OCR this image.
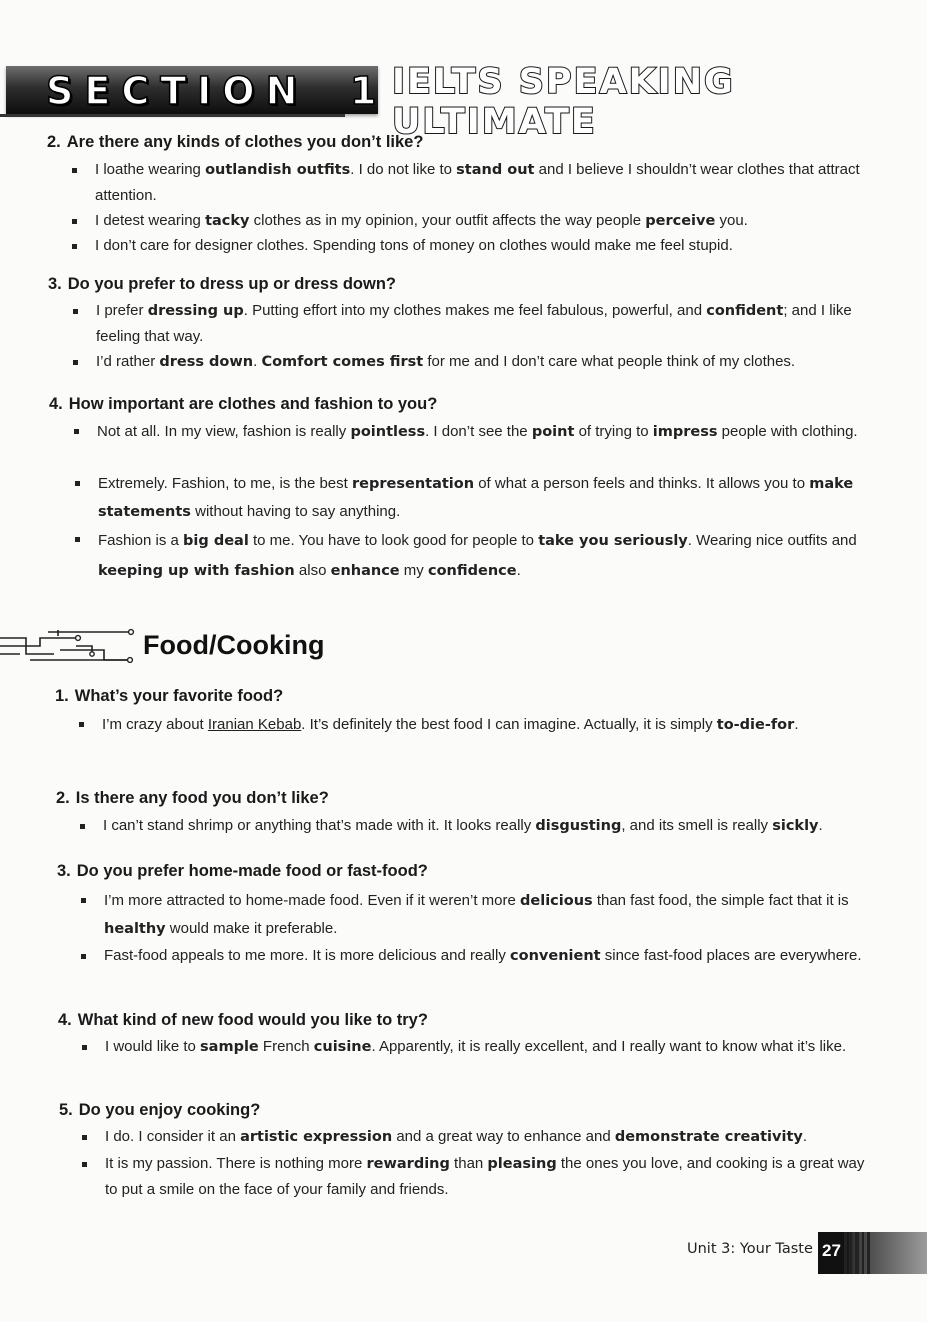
SECTION 1 IELTS SPEAKING ULTIMATE
2. Are there any kinds of clothes you don’t like?
I loathe wearing outlandish outfits. I do not like to stand out and I believe I shouldn’t wear clothes that attract attention.
I detest wearing tacky clothes as in my opinion, your outfit affects the way people perceive you.
I don’t care for designer clothes. Spending tons of money on clothes would make me feel stupid.
3. Do you prefer to dress up or dress down?
I prefer dressing up. Putting effort into my clothes makes me feel fabulous, powerful, and confident; and I like feeling that way.
I’d rather dress down. Comfort comes first for me and I don’t care what people think of my clothes.
4. How important are clothes and fashion to you?
Not at all. In my view, fashion is really pointless. I don’t see the point of trying to impress people with clothing.
Extremely. Fashion, to me, is the best representation of what a person feels and thinks. It allows you to make statements without having to say anything.
Fashion is a big deal to me. You have to look good for people to take you seriously. Wearing nice outfits and keeping up with fashion also enhance my confidence.
Food/Cooking
1. What’s your favorite food?
I’m crazy about Iranian Kebab. It’s definitely the best food I can imagine. Actually, it is simply to-die-for.
2. Is there any food you don’t like?
I can’t stand shrimp or anything that’s made with it. It looks really disgusting, and its smell is really sickly.
3. Do you prefer home-made food or fast-food?
I’m more attracted to home-made food. Even if it weren’t more delicious than fast food, the simple fact that it is healthy would make it preferable.
Fast-food appeals to me more. It is more delicious and really convenient since fast-food places are everywhere.
4. What kind of new food would you like to try?
I would like to sample French cuisine. Apparently, it is really excellent, and I really want to know what it’s like.
5. Do you enjoy cooking?
I do. I consider it an artistic expression and a great way to enhance and demonstrate creativity.
It is my passion. There is nothing more rewarding than pleasing the ones you love, and cooking is a great way to put a smile on the face of your family and friends.
Unit 3: Your Taste 27
